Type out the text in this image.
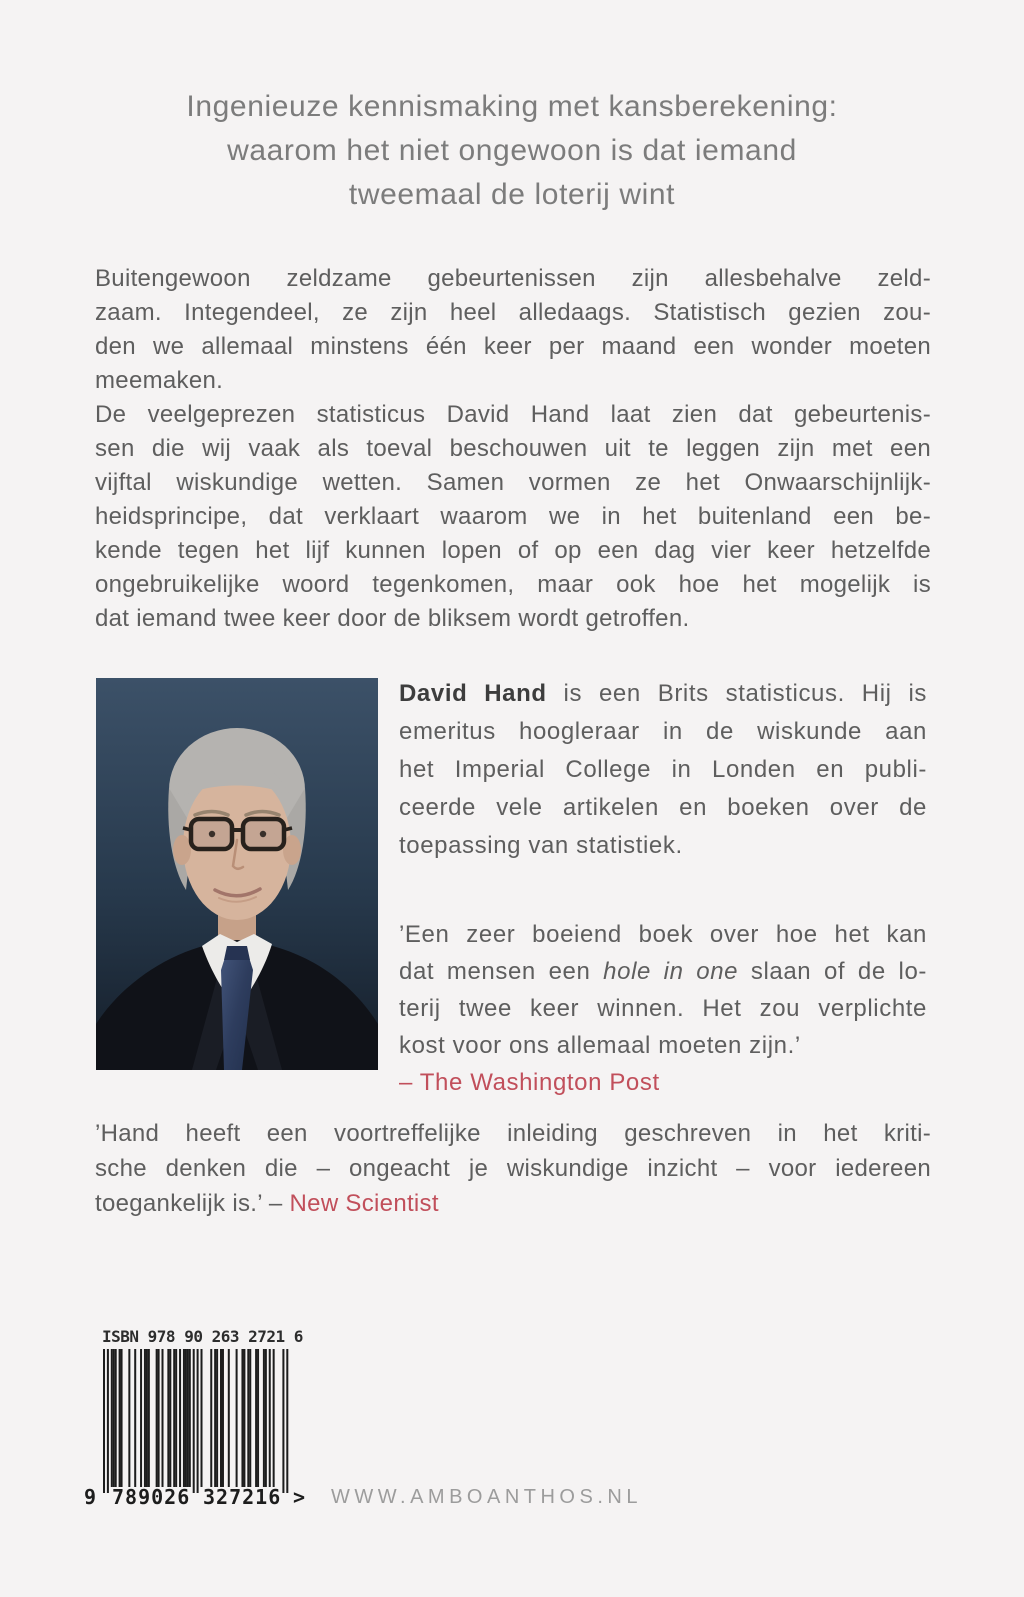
Ingenieuze kennismaking met kansberekening:
waarom het niet ongewoon is dat iemand
tweemaal de loterij wint
Buitengewoon zeldzame gebeurtenissen zijn allesbehalve zeld-
zaam. Integendeel, ze zijn heel alledaags. Statistisch gezien zou-
den we allemaal minstens één keer per maand een wonder moeten
meemaken.
De veelgeprezen statisticus David Hand laat zien dat gebeurtenis-
sen die wij vaak als toeval beschouwen uit te leggen zijn met een
vijftal wiskundige wetten. Samen vormen ze het Onwaarschijnlijk-
heidsprincipe, dat verklaart waarom we in het buitenland een be-
kende tegen het lijf kunnen lopen of op een dag vier keer hetzelfde
ongebruikelijke woord tegenkomen, maar ook hoe het mogelijk is
dat iemand twee keer door de bliksem wordt getroffen.
David Hand is een Brits statisticus. Hij is
emeritus hoogleraar in de wiskunde aan
het Imperial College in Londen en publi-
ceerde vele artikelen en boeken over de
toepassing van statistiek.
’Een zeer boeiend boek over hoe het kan
dat mensen een hole in one slaan of de lo-
terij twee keer winnen. Het zou verplichte
kost voor ons allemaal moeten zijn.’
– The Washington Post
’Hand heeft een voortreffelijke inleiding geschreven in het kriti-
sche denken die – ongeacht je wiskundige inzicht – voor iedereen
toegankelijk is.’ – New Scientist
ISBN 978 90 263 2721 6
9 789026 327216 > WWW.AMBOANTHOS.NL
